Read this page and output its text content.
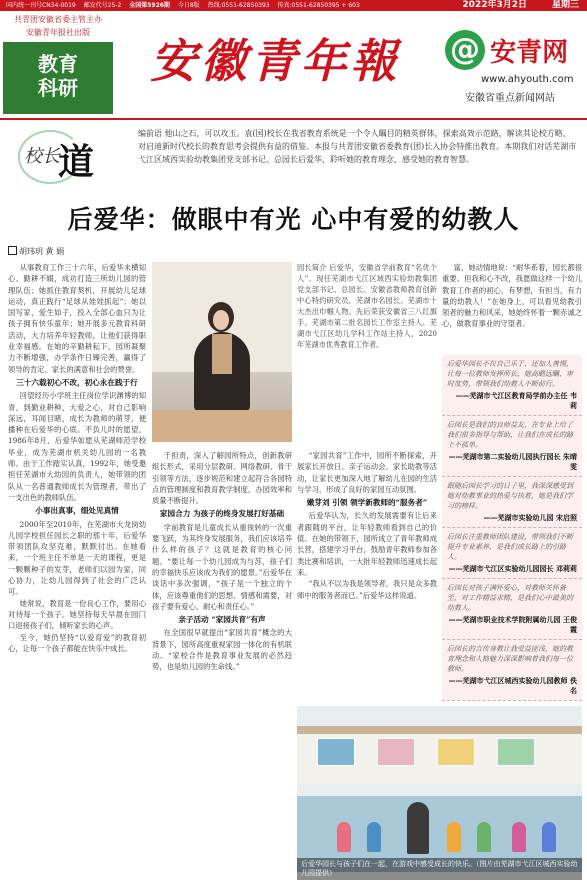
国内统一刊号CN34-0019 邮发代号25-2 全国第5926期 今日8版 热线:0551-62850393 传真:0551-62850395 + 603	2022年3月2日	星期三
共青团安徽省委主管主办
安徽青年报社出版
教育
科研	安徽青年報	@ 安青网
www.ahyouth.com
安徽省重点新闻网站
校长
道
编前语 他山之石，可以攻玉。袁(国)校长在我省教育系统是一个令人瞩目的精英群体，探索高效示范路，解读其论校方略，对启迪新时代校长的教育思考会提供有益的借鉴。本报与共青团安徽省委教育(团)长入协会特推出教育。本期我们对话芜湖市弋江区域西实验幼教集团党支部书记、总园长后爱华，聆听她的教育理念，感受她的教育智慧。
后爱华：做眼中有光 心中有爱的幼教人
胡玮玥 黄 娟

从事教育工作三十六年，后爱华未横知心、勤耕不辍，成功打造三所幼儿园的管理队伍；她抓住教育契机，开展幼儿足球运动，真正践行“足球从娃娃抓起”；她以国写家，爱生如子，投入全部心血只为让孩子拥有快乐童年；她开展多元教育科研活动，大力培养年轻教师，让他们获得职业幸福感。在她的辛勤耕耘下，园所凝聚力不断增强，办学条件日臻完善，赢得了领导的肯定、家长的满意和社会的赞誉。

三十六载初心不改，初心永在践于行

回望经历小学班主任岗位学识渊博的知青，到勤业耕种，大爱之心，对自己影响深远，耳闻目睹，成长为教师的萌芽，便播种在后爱华的心底。不负儿时的愿望，1986年8月，后爱华如愿从芜湖师范学校毕业，成为芜湖市机关幼儿园的一名教师。由于工作踏实认真，1992年，她受邀担任芜湖市大幼园的负责人，她带领的团队从一名普通教师成长为管理者，带出了一支出色的教师队伍。

小事出真事，细处见真情

2000年至2010年，在芜湖市大龙岗幼儿园学校担任园长之职的那十年，后爱华带领团队攻坚克难，默默付出。在她看来，一个班主任不单是一天的课程，更是一颗颗种子的发芽，老师们以园为家，同心协力，让幼儿园得到了社会的广泛认可。

她常说，教育是一份良心工作，要用心对待每一个孩子。她坚持每天早晨在园门口迎接孩子们，倾听家长的心声。

至今，她仍坚持“以爱育爱”的教育初心，让每一个孩子都能在快乐中成长。

园长简介 后爱华，安徽省学前教育“名优个人”、现任芜湖市弋江区域西实验幼教集团党支部书记、总园长。安徽省教师教育创新中心特约研究员，芜湖市名园长、芜湖市十大杰出巾帼人物。先后荣获安徽省三八红旗手、芜湖市第二批名园长工作室主持人、芜湖市弋江区幼儿学科工作站主持人，2020年芜湖市优秀教育工作者。

富，她动情地说：“耐华系着，园长都很重要。但我和心不改，我愿做这样一个幼儿教育工作者的初心，有梦想，有担当，有力量的幼教人！”在她身上，可以看见幼教引领者的魅力和风采，她始终怀着一颗赤诚之心，做教育事业的守望者。

后爱华园长不仅自己乐于、还加人善惕，让每一位教师发挥所长，她高瞻远瞩、审时度势，带领我们幼教人不断前行。
——芜湖市弋江区教育局学前办主任 韦 莉
后园长是我们的良师益友，在专业上给了我们很多指导与帮助，让我们在成长的路上不孤单。
——芜湖市第二实验幼儿园执行园长 朱晴雯
跟随后园长学习的日子里，我深深感受到她对幼教事业的热爱与执着，她是我们学习的榜样。
——芜湖市实验幼儿园 宋启照
后园长注重教师团队建设，带领我们不断提升专业素养，是我们成长路上的引路人。
——芜湖市弋江区实验幼儿园园长 邓莉莉
后园长对孩子满怀爱心，对教师关怀备至，对工作精益求精，是我们心中最美的幼教人。
——芜湖市职业技术学院附属幼儿园 王俊霞
后园长的言传身教让我受益匪浅，她的教育理念和人格魅力深深影响着我们每一位教师。
——芜湖市弋江区城西实验幼儿园教师 佚名

于担责，深入了解园所特点，创新教研组长形式，采用分层教研、网络教研、骨干引领等方法，逐步规范和建立起符合各园特点的管理制度和教育教学制度，办园效率和质量不断提升。

家园合力 为孩子的终身发展打好基础

学前教育是儿童成长从重视转的一次重要飞跃，为其终身发展服务，我们应该培养什么样的孩子？这就是教育的核心问题。“要让每一个幼儿园成为与苏，孩子们的幸福快乐应该成为我们的愿景。”后爱华在谈话中多次强调，“孩子是一个独立的个体，应该尊重他们的思想、情感和需要，对孩子要有爱心、耐心和责任心。”

亲子活动 “家园共育”有声

在全国很早就提出“家园共育”概念的大背景下，园所高度重视家园一体化的有机联动。“家校合作是教育事业发展的必然趋势，也是幼儿园的生命线。”

“家园共育”工作中，园所不断探索，开展家长开放日、亲子运动会、家长助教等活动，让家长更加深入地了解幼儿在园的生活与学习，形成了良好的家园互动氛围。

嫩芽刘 引领 领学新教师的“服务者”

后爱华认为，长久的发展需要有让后来者跟随的平台，让年轻教师看到自己的价值。在她的带领下，园所成立了青年教师成长营，搭建学习平台，鼓励青年教师参加各类比赛和培训，一大批年轻教师迅速成长起来。

“我从不以为我是领导者，我只是众多教师中的服务者而已。”后爱华这样说道。

后爱华园长与孩子们在一起，在游戏中感受成长的快乐。（图片由芜湖市弋江区城西实验幼儿园提供）
